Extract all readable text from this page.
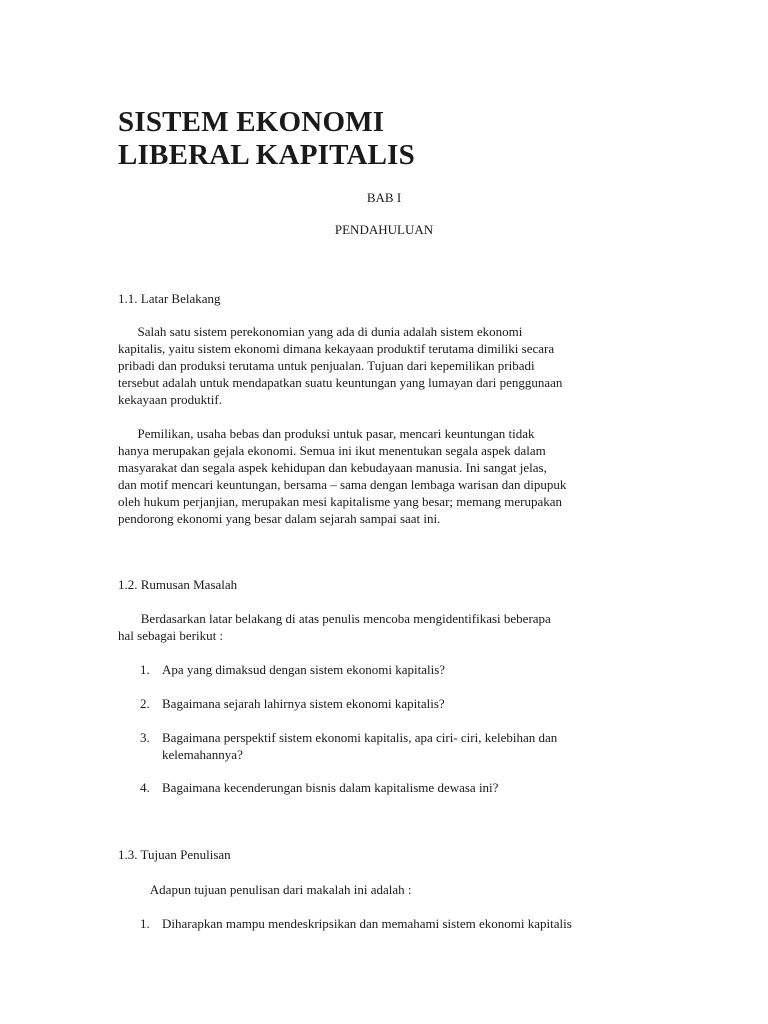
SISTEM EKONOMI
LIBERAL KAPITALIS
BAB I
PENDAHULUAN
1.1. Latar Belakang

Salah satu sistem perekonomian yang ada di dunia adalah sistem ekonomi
kapitalis, yaitu sistem ekonomi dimana kekayaan produktif terutama dimiliki secara
pribadi dan produksi terutama untuk penjualan. Tujuan dari kepemilikan pribadi
tersebut adalah untuk mendapatkan suatu keuntungan yang lumayan dari penggunaan
kekayaan produktif.

Pemilikan, usaha bebas dan produksi untuk pasar, mencari keuntungan tidak
hanya merupakan gejala ekonomi. Semua ini ikut menentukan segala aspek dalam
masyarakat dan segala aspek kehidupan dan kebudayaan manusia. Ini sangat jelas,
dan motif mencari keuntungan, bersama – sama dengan lembaga warisan dan dipupuk
oleh hukum perjanjian, merupakan mesi kapitalisme yang besar; memang merupakan
pendorong ekonomi yang besar dalam sejarah sampai saat ini.

1.2. Rumusan Masalah

Berdasarkan latar belakang di atas penulis mencoba mengidentifikasi beberapa
hal sebagai berikut :

1. Apa yang dimaksud dengan sistem ekonomi kapitalis?
2. Bagaimana sejarah lahirnya sistem ekonomi kapitalis?
3. Bagaimana perspektif sistem ekonomi kapitalis, apa ciri- ciri, kelebihan dan
kelemahannya?
4. Bagaimana kecenderungan bisnis dalam kapitalisme dewasa ini?
1.3. Tujuan Penulisan

Adapun tujuan penulisan dari makalah ini adalah :

1. Diharapkan mampu mendeskripsikan dan memahami sistem ekonomi kapitalis
